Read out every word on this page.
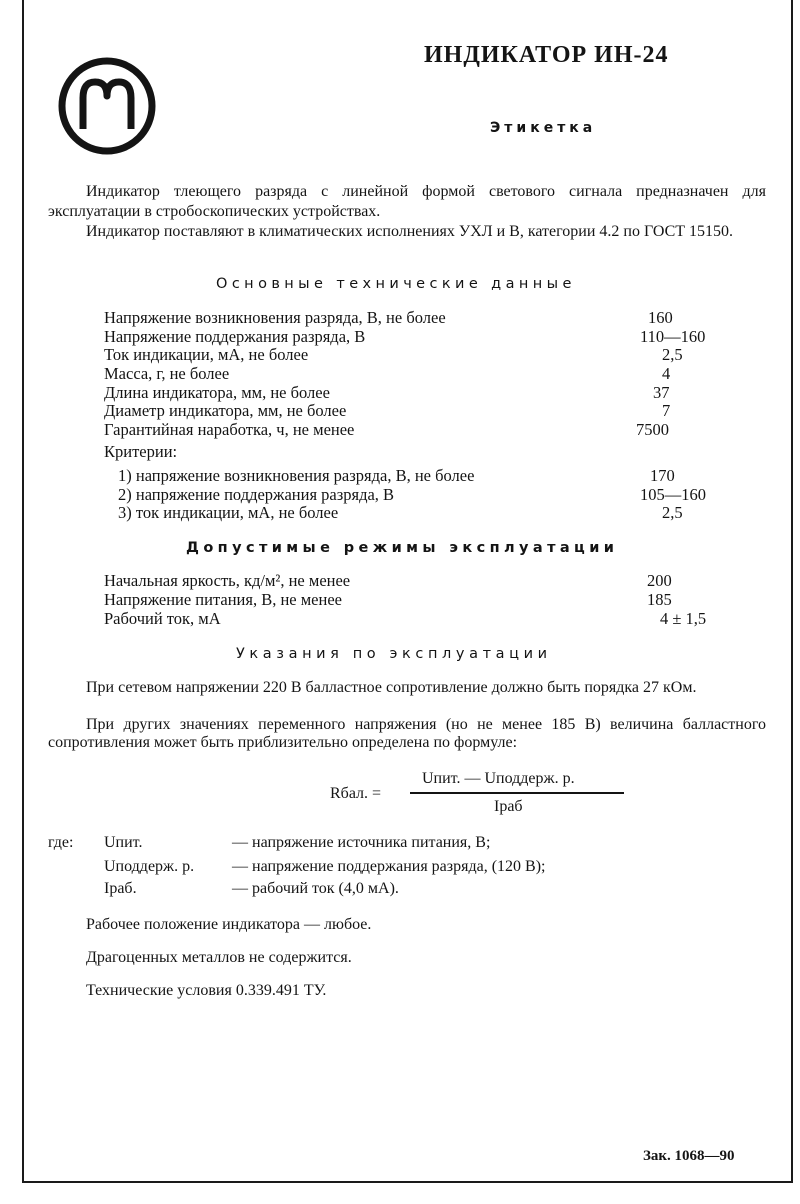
ИНДИКАТОР ИН-24
Этикетка
Индикатор тлеющего разряда с линейной формой светового сигнала предназначен для эксплуатации в стробоскопических устройствах.
Индикатор поставляют в климатических исполнениях УХЛ и В, категории 4.2 по ГОСТ 15150.
Основные технические данные
Напряжение возникновения разряда, В, не более	160
Напряжение поддержания разряда, В	110—160
Ток индикации, мА, не более	2,5
Масса, г, не более	4
Длина индикатора, мм, не более	37
Диаметр индикатора, мм, не более	7
Гарантийная наработка, ч, не менее	7500
Критерии:
1) напряжение возникновения разряда, В, не более	170
2) напряжение поддержания разряда, В	105—160
3) ток индикации, мА, не более	2,5
Допустимые режимы эксплуатации
Начальная яркость, кд/м², не менее	200
Напряжение питания, В, не менее	185
Рабочий ток, мА	4 ± 1,5
Указания по эксплуатации
При сетевом напряжении 220 В балластное сопротивление должно быть порядка 27 кОм.
При других значениях переменного напряжения (но не менее 185 В) величина балластного сопротивления может быть приблизительно определена по формуле:
Rбал. =
Uпит. — Uподдерж. р.
Iраб
где: Uпит.	— напряжение источника питания, В;
Uподдерж. р. — напряжение поддержания разряда, (120 В);
Iраб.	— рабочий ток (4,0 мА).
Рабочее положение индикатора — любое.
Драгоценных металлов не содержится.
Технические условия 0.339.491 ТУ.
Зак. 1068—90
